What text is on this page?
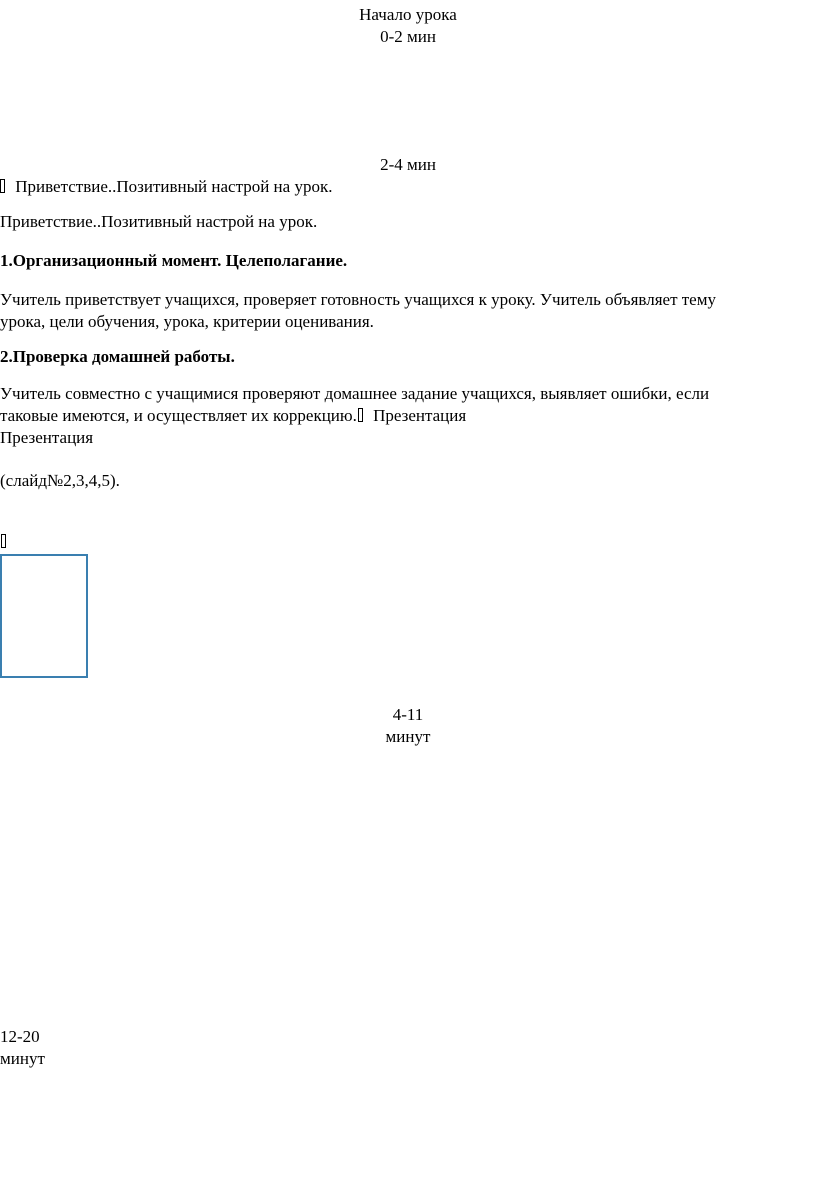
Начало урока
0-2 мин
2-4 мин
Приветствие..Позитивный настрой на урок.
Приветствие..Позитивный настрой на урок.
1.Организационный момент. Целеполагание.
Учитель приветствует учащихся, проверяет готовность учащихся к уроку. Учитель объявляет тему
урока, цели обучения, урока, критерии оценивания.
2.Проверка домашней работы.
Учитель совместно с учащимися проверяют домашнее задание учащихся, выявляет ошибки, если
таковые имеются, и осуществляет их коррекцию. Презентация
Презентация
(слайд№2,3,4,5).
4-11
минут
12-20
минут
